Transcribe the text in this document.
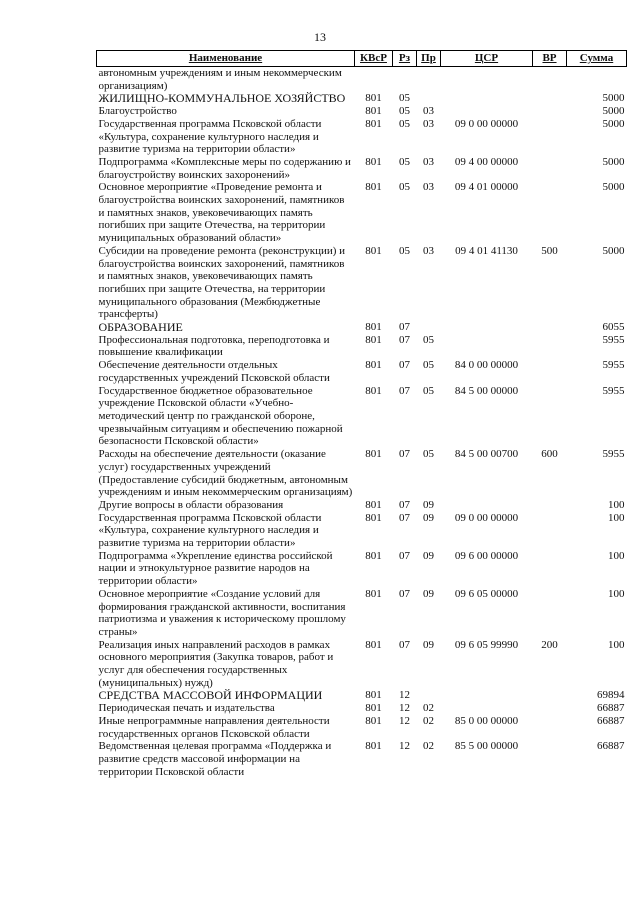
13
Наименование	КВсР	Рз	Пр	ЦСР	ВР	Сумма
автономным учреждениям и иным некоммерческим организациям)						
ЖИЛИЩНО-КОММУНАЛЬНОЕ ХОЗЯЙСТВО	801	05				5000
Благоустройство	801	05	03			5000
Государственная программа Псковской области «Культура, сохранение культурного наследия и развитие туризма на территории области»	801	05	03	09 0 00 00000		5000
Подпрограмма «Комплексные меры по содержанию и благоустройству воинских захоронений»	801	05	03	09 4 00 00000		5000
Основное мероприятие «Проведение ремонта и благоустройства воинских захоронений, памятников и памятных знаков, увековечивающих память погибших при защите Отечества, на территории муниципальных образований области»	801	05	03	09 4 01 00000		5000
Субсидии на проведение ремонта (реконструкции) и благоустройства воинских захоронений, памятников и памятных знаков, увековечивающих память погибших при защите Отечества, на территории муниципального образования (Межбюджетные трансферты)	801	05	03	09 4 01 41130	500	5000
ОБРАЗОВАНИЕ	801	07				6055
Профессиональная подготовка, переподготовка и повышение квалификации	801	07	05			5955
Обеспечение деятельности отдельных государственных учреждений Псковской области	801	07	05	84 0 00 00000		5955
Государственное бюджетное образовательное учреждение Псковской области «Учебно-методический центр по гражданской обороне, чрезвычайным ситуациям и обеспечению пожарной безопасности Псковской области»	801	07	05	84 5 00 00000		5955
Расходы на обеспечение деятельности (оказание услуг) государственных учреждений (Предоставление субсидий бюджетным, автономным учреждениям и иным некоммерческим организациям)	801	07	05	84 5 00 00700	600	5955
Другие вопросы в области образования	801	07	09			100
Государственная программа Псковской области «Культура, сохранение культурного наследия и развитие туризма на территории области»	801	07	09	09 0 00 00000		100
Подпрограмма «Укрепление единства российской нации и этнокультурное развитие народов на территории области»	801	07	09	09 6 00 00000		100
Основное мероприятие «Создание условий для формирования гражданской активности, воспитания патриотизма и уважения к историческому прошлому страны»	801	07	09	09 6 05 00000		100
Реализация иных направлений расходов в рамках основного мероприятия (Закупка товаров, работ и услуг для обеспечения государственных (муниципальных) нужд)	801	07	09	09 6 05 99990	200	100
СРЕДСТВА МАССОВОЙ ИНФОРМАЦИИ	801	12				69894
Периодическая печать и издательства	801	12	02			66887
Иные непрограммные направления деятельности государственных органов Псковской области	801	12	02	85 0 00 00000		66887
Ведомственная целевая программа «Поддержка и развитие средств массовой информации на территории Псковской области	801	12	02	85 5 00 00000		66887
